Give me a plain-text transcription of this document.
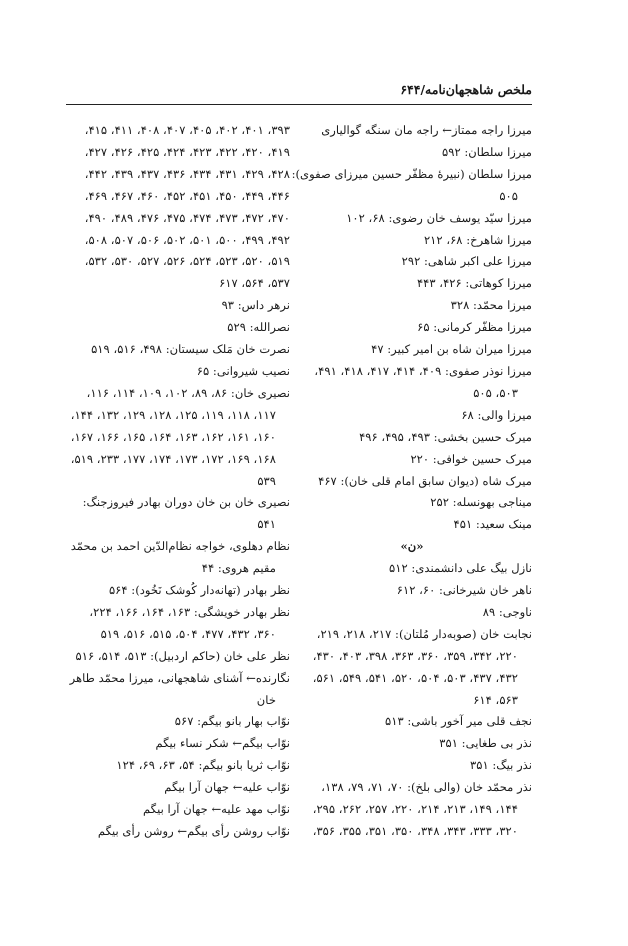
ملخص شاهجهان‌نامه/۶۴۴
میرزا راجه ممتاز← راجه مان سنگه گوالیاری
میرزا سلطان: ۵۹۲
میرزا سلطان (نبیرهٔ مظفّر حسین میرزای صفوی):
۵۰۵
میرزا سیّد یوسف خان رضوی: ۶۸، ۱۰۲
میرزا شاهرخ: ۶۸، ۲۱۲
میرزا علی اکبر شاهی: ۲۹۲
میرزا کوهاتی: ۴۲۶، ۴۴۳
میرزا محمّد: ۳۲۸
میرزا مظفّر کرمانی: ۶۵
میرزا میران شاه بن امیر کبیر: ۴۷
میرزا نوذر صفوی: ۴۰۹، ۴۱۴، ۴۱۷، ۴۱۸، ۴۹۱،
۵۰۳، ۵۰۵
میرزا والی: ۶۸
میرک حسین بخشی: ۴۹۳، ۴۹۵، ۴۹۶
میرک حسین خوافی: ۲۲۰
میرک شاه (دیوان سابق امام قلی خان): ۴۶۷
میناجی بهونسله: ۲۵۲
مینک سعید: ۴۵۱
«ن»
نازل بیگ علی دانشمندی: ۵۱۲
ناهر خان شیرخانی: ۶۰، ۶۱۲
ناوجی: ۸۹
نجابت خان (صوبه‌دار مُلتان): ۲۱۷، ۲۱۸، ۲۱۹،
۲۲۰، ۳۴۲، ۳۵۹، ۳۶۰، ۳۶۳، ۳۹۸، ۴۰۳، ۴۳۰،
۴۳۲، ۴۳۷، ۵۰۳، ۵۰۴، ۵۲۰، ۵۴۱، ۵۴۹، ۵۶۱،
۵۶۳، ۶۱۴
نجف قلی میر آخور باشی: ۵۱۳
نذر بی طغایی: ۳۵۱
نذر بیگ: ۳۵۱
نذر محمّد خان (والی بلخ): ۷۰، ۷۱، ۷۹، ۱۳۸،
۱۴۴، ۱۴۹، ۲۱۳، ۲۱۴، ۲۲۰، ۲۵۷، ۲۶۲، ۲۹۵،
۳۲۰، ۳۳۳، ۳۴۳، ۳۴۸، ۳۵۰، ۳۵۱، ۳۵۵، ۳۵۶،
۳۹۳، ۴۰۱، ۴۰۲، ۴۰۵، ۴۰۷، ۴۰۸، ۴۱۱، ۴۱۵،
۴۱۹، ۴۲۰، ۴۲۲، ۴۲۳، ۴۲۴، ۴۲۵، ۴۲۶، ۴۲۷،
۴۲۸، ۴۲۹، ۴۳۱، ۴۳۴، ۴۳۶، ۴۳۷، ۴۳۹، ۴۴۲،
۴۴۶، ۴۴۹، ۴۵۰، ۴۵۱، ۴۵۲، ۴۶۰، ۴۶۷، ۴۶۹،
۴۷۰، ۴۷۲، ۴۷۳، ۴۷۴، ۴۷۵، ۴۷۶، ۴۸۹، ۴۹۰،
۴۹۲، ۴۹۹، ۵۰۰، ۵۰۱، ۵۰۲، ۵۰۶، ۵۰۷، ۵۰۸،
۵۱۹، ۵۲۰، ۵۲۳، ۵۲۴، ۵۲۶، ۵۲۷، ۵۳۰، ۵۳۲،
۵۳۷، ۵۶۴، ۶۱۷
نرهر داس: ۹۳
نصرالله: ۵۲۹
نصرت خان مَلک سیستان: ۴۹۸، ۵۱۶، ۵۱۹
نصیب شیروانی: ۶۵
نصیری خان: ۸۶، ۸۹، ۱۰۲، ۱۰۹، ۱۱۴، ۱۱۶،
۱۱۷، ۱۱۸، ۱۱۹، ۱۲۵، ۱۲۸، ۱۲۹، ۱۳۲، ۱۴۴،
۱۶۰، ۱۶۱، ۱۶۲، ۱۶۳، ۱۶۴، ۱۶۵، ۱۶۶، ۱۶۷،
۱۶۸، ۱۶۹، ۱۷۲، ۱۷۳، ۱۷۴، ۱۷۷، ۲۳۳، ۵۱۹،
۵۳۹
نصیری خان بن خان دوران بهادر فیروزجنگ:
۵۴۱
نظام دهلوی، خواجه نظام‌الدّین احمد بن محمّد
مقیم هروی: ۴۴
نظر بهادر (تهانه‌دار کُوشک نَخُود): ۵۶۴
نظر بهادر خویشگی: ۱۶۳، ۱۶۴، ۱۶۶، ۲۲۴،
۳۶۰، ۴۳۲، ۴۷۷، ۵۰۴، ۵۱۵، ۵۱۶، ۵۱۹
نظر علی خان (حاکم اردبیل): ۵۱۳، ۵۱۴، ۵۱۶
نگارنده← آشنای شاهجهانی، میرزا محمّد طاهر
خان
نوّاب بهار بانو بیگم: ۵۶۷
نوّاب بیگم← شکر نساء بیگم
نوّاب ثریا بانو بیگم: ۵۴، ۶۳، ۶۹، ۱۲۴
نوّاب علیه← جهان آرا بیگم
نوّاب مهد علیه← جهان آرا بیگم
نوّاب روشن رأی بیگم← روشن رأی بیگم
